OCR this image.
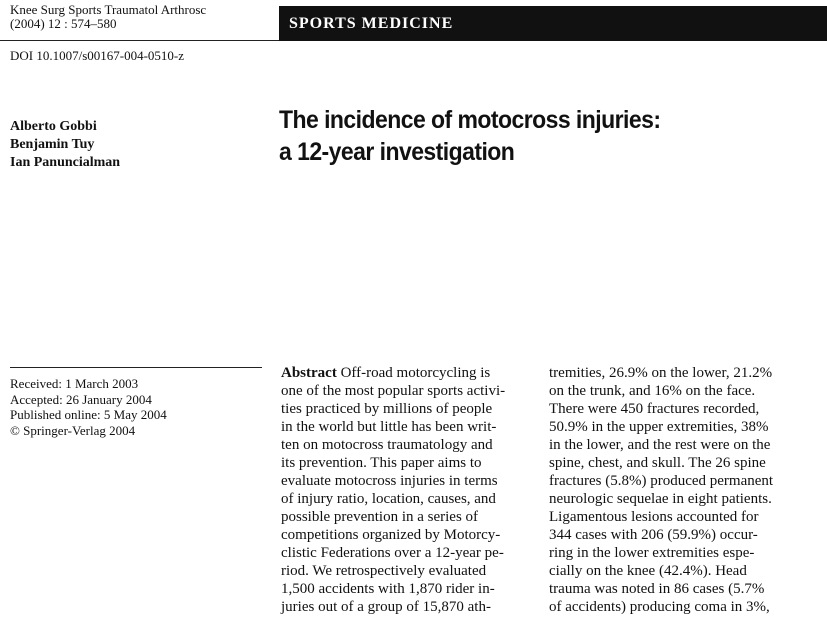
Knee Surg Sports Traumatol Arthrosc
(2004) 12 : 574–580	SPORTS MEDICINE
DOI 10.1007/s00167-004-0510-z
Alberto Gobbi
Benjamin Tuy
Ian Panuncialman
The incidence of motocross injuries:
a 12-year investigation
Received: 1 March 2003
Accepted: 26 January 2004
Published online: 5 May 2004
© Springer-Verlag 2004
Abstract Off-road motorcycling is
one of the most popular sports activi-
ties practiced by millions of people
in the world but little has been writ-
ten on motocross traumatology and
its prevention. This paper aims to
evaluate motocross injuries in terms
of injury ratio, location, causes, and
possible prevention in a series of
competitions organized by Motorcy-
clistic Federations over a 12-year pe-
riod. We retrospectively evaluated
1,500 accidents with 1,870 rider in-
juries out of a group of 15,870 ath-
tremities, 26.9% on the lower, 21.2%
on the trunk, and 16% on the face.
There were 450 fractures recorded,
50.9% in the upper extremities, 38%
in the lower, and the rest were on the
spine, chest, and skull. The 26 spine
fractures (5.8%) produced permanent
neurologic sequelae in eight patients.
Ligamentous lesions accounted for
344 cases with 206 (59.9%) occur-
ring in the lower extremities espe-
cially on the knee (42.4%). Head
trauma was noted in 86 cases (5.7%
of accidents) producing coma in 3%,
